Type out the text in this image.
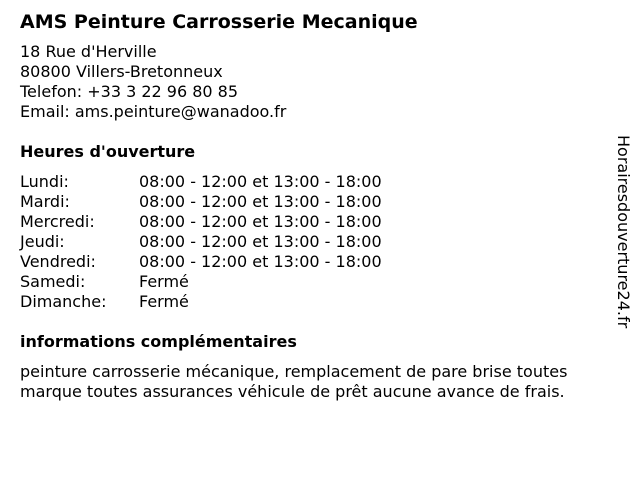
AMS Peinture Carrosserie Mecanique
18 Rue d'Herville
80800 Villers-Bretonneux
Telefon: +33 3 22 96 80 85
Email: ams.peinture@wanadoo.fr
Heures d'ouverture
Lundi:	08:00 - 12:00 et 13:00 - 18:00
Mardi:	08:00 - 12:00 et 13:00 - 18:00
Mercredi:	08:00 - 12:00 et 13:00 - 18:00
Jeudi:	08:00 - 12:00 et 13:00 - 18:00
Vendredi:	08:00 - 12:00 et 13:00 - 18:00
Samedi:	Fermé
Dimanche:	Fermé
informations complémentaires
peinture carrosserie mécanique, remplacement de pare brise toutes marque toutes assurances véhicule de prêt aucune avance de frais.
Horairesdouverture24.fr
